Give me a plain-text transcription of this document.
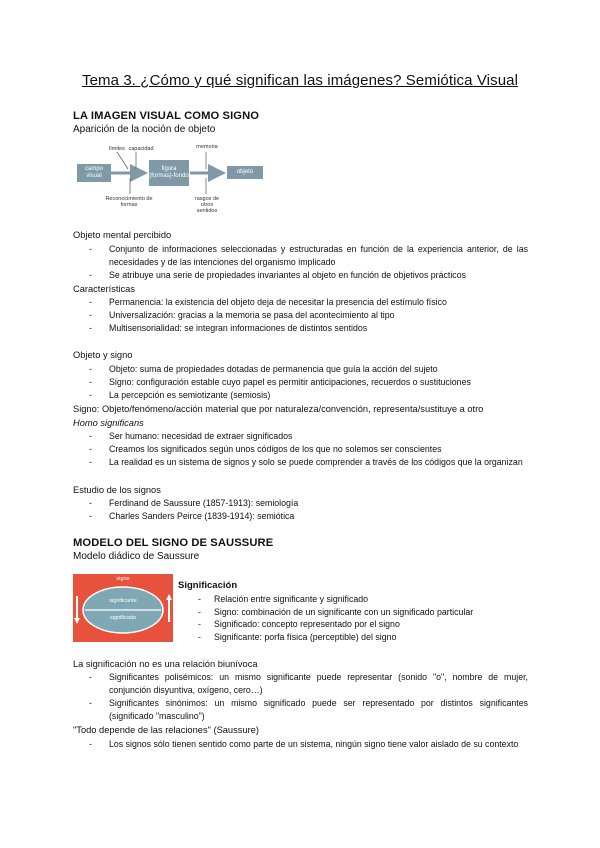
Tema 3. ¿Cómo y qué significan las imágenes? Semiótica Visual
LA IMAGEN VISUAL COMO SIGNO
Aparición de la noción de objeto
campo visual
figura (formas)-fondo
objeto
límites capacidad	memoria
Reconocimiento de formas
rasgos de otros sentidos
Objeto mental percibido
- Conjunto de informaciones seleccionadas y estructuradas en función de la experiencia anterior, de las necesidades y de las intenciones del organismo implicado
- Se atribuye una serie de propiedades invariantes al objeto en función de objetivos prácticos
Características
- Permanencia: la existencia del objeto deja de necesitar la presencia del estímulo físico
- Universalización: gracias a la memoria se pasa del acontecimiento al tipo
- Multisensorialidad: se integran informaciones de distintos sentidos
Objeto y signo
- Objeto: suma de propiedades dotadas de permanencia que guía la acción del sujeto
- Signo: configuración estable cuyo papel es permitir anticipaciones, recuerdos o sustituciones
- La percepción es semiotizante (semiosis)
Signo: Objeto/fenómeno/acción material que por naturaleza/convención, representa/sustituye a otro
Homo significans
- Ser humano: necesidad de extraer significados
- Creamos los significados según unos códigos de los que no solemos ser conscientes
- La realidad es un sistema de signos y solo se puede comprender a través de los códigos que la organizan
Estudio de los signos
- Ferdinand de Saussure (1857-1913): semiología
- Charles Sanders Peirce (1839-1914): semiótica
MODELO DEL SIGNO DE SAUSSURE
Modelo diádico de Saussure
signo
significante
significado
Significación
- Relación entre significante y significado
- Signo: combinación de un significante con un significado particular
- Significado: concepto representado por el signo
- Significante: porfa física (perceptible) del signo
La significación no es una relación biunívoca
- Significantes polisémicos: un mismo significante puede representar (sonido "o", nombre de mujer, conjunción disyuntiva, oxígeno, cero…)
- Significantes sinónimos: un mismo significado puede ser representado por distintos significantes (significado "masculino")
"Todo depende de las relaciones" (Saussure)
- Los signos sólo tienen sentido como parte de un sistema, ningún signo tiene valor aislado de su contexto
